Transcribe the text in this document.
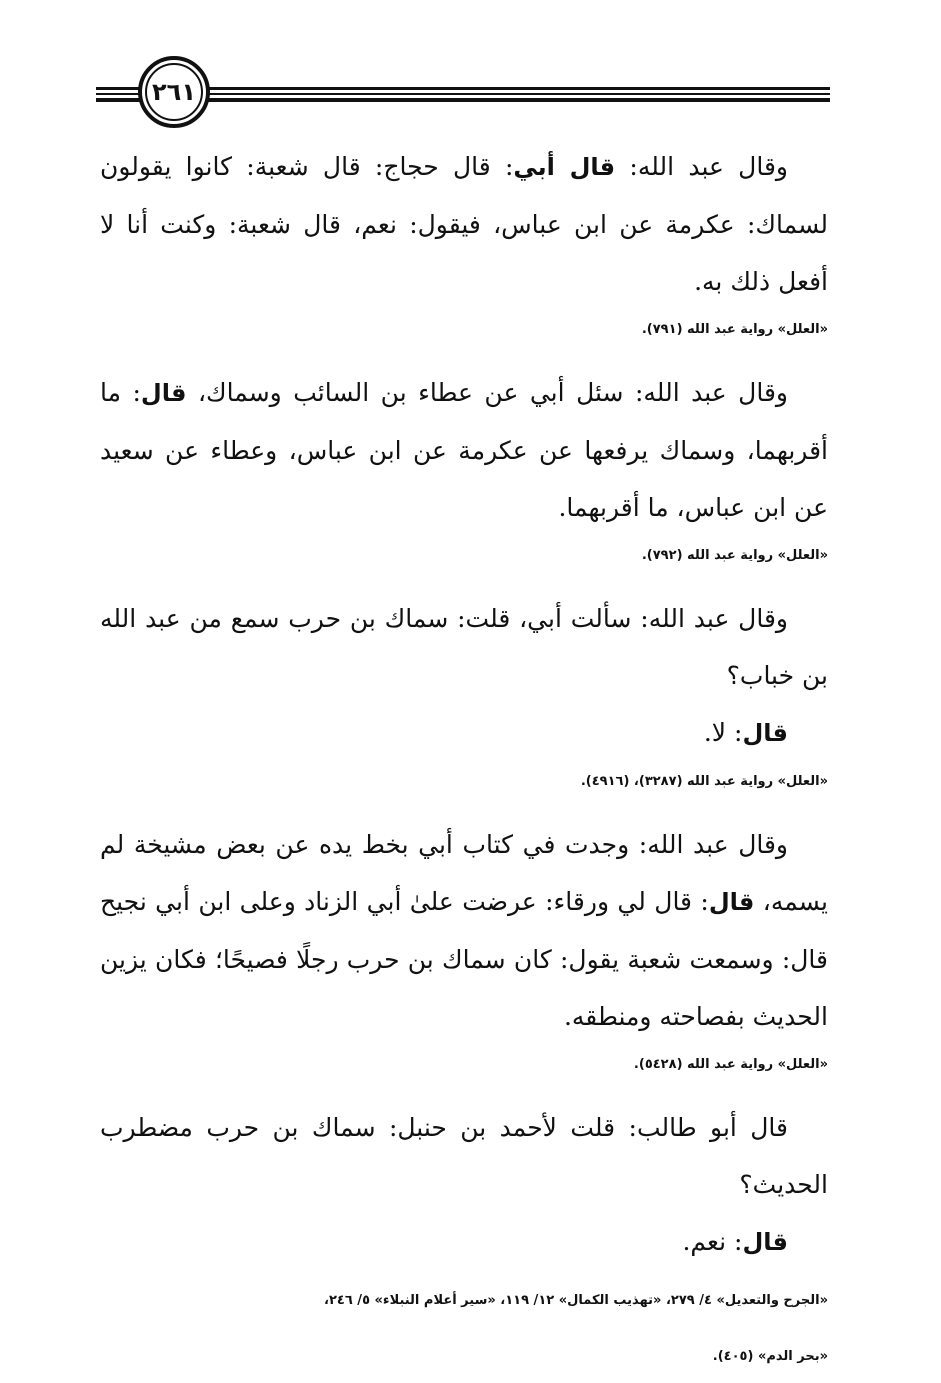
٢٦١

وقال عبد الله: قال أبي: قال حجاج: قال شعبة: كانوا يقولون لسماك: عكرمة عن ابن عباس، فيقول: نعم، قال شعبة: وكنت أنا لا أفعل ذلك به.

«العلل» رواية عبد الله (٧٩١).

وقال عبد الله: سئل أبي عن عطاء بن السائب وسماك، قال: ما أقربهما، وسماك يرفعها عن عكرمة عن ابن عباس، وعطاء عن سعيد عن ابن عباس، ما أقربهما.

«العلل» رواية عبد الله (٧٩٢).

وقال عبد الله: سألت أبي، قلت: سماك بن حرب سمع من عبد الله بن خباب؟

قال: لا.

«العلل» رواية عبد الله (٣٢٨٧)، (٤٩١٦).

وقال عبد الله: وجدت في كتاب أبي بخط يده عن بعض مشيخة لم يسمه، قال: قال لي ورقاء: عرضت علىٰ أبي الزناد وعلى ابن أبي نجيح قال: وسمعت شعبة يقول: كان سماك بن حرب رجلًا فصيحًا؛ فكان يزين الحديث بفصاحته ومنطقه.

«العلل» رواية عبد الله (٥٤٢٨).

قال أبو طالب: قلت لأحمد بن حنبل: سماك بن حرب مضطرب الحديث؟

قال: نعم.

«الجرح والتعديل» ٤/ ٢٧٩، «تهذيب الكمال» ١٢/ ١١٩، «سير أعلام النبلاء» ٥/ ٢٤٦،
«بحر الدم» (٤٠٥).
